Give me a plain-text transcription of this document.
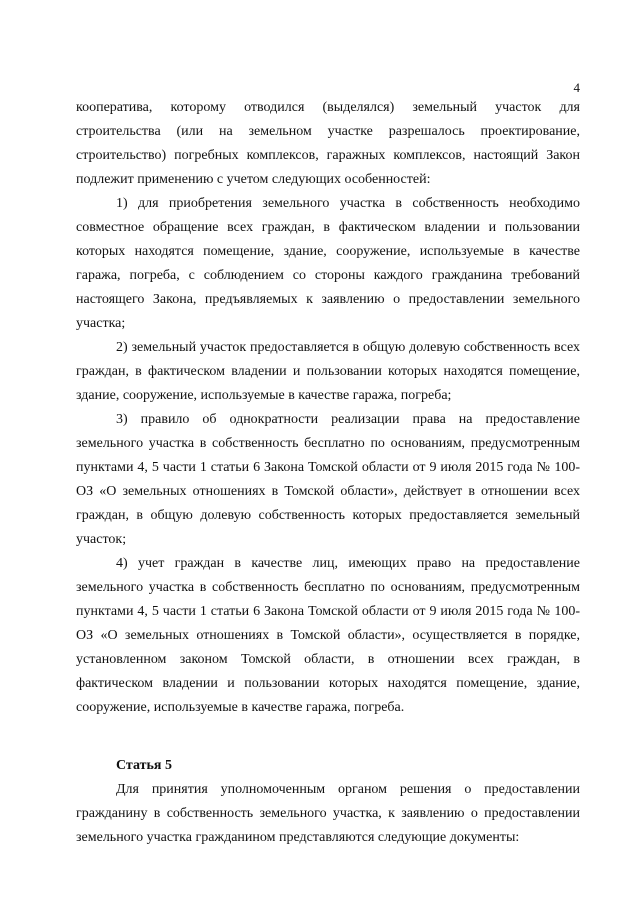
4

кооператива, которому отводился (выделялся) земельный участок для строительства (или на земельном участке разрешалось проектирование, строительство) погребных комплексов, гаражных комплексов, настоящий Закон подлежит применению с учетом следующих особенностей:

1) для приобретения земельного участка в собственность необходимо совместное обращение всех граждан, в фактическом владении и пользовании которых находятся помещение, здание, сооружение, используемые в качестве гаража, погреба, с соблюдением со стороны каждого гражданина требований настоящего Закона, предъявляемых к заявлению о предоставлении земельного участка;

2) земельный участок предоставляется в общую долевую собственность всех граждан, в фактическом владении и пользовании которых находятся помещение, здание, сооружение, используемые в качестве гаража, погреба;

3) правило об однократности реализации права на предоставление земельного участка в собственность бесплатно по основаниям, предусмотренным пунктами 4, 5 части 1 статьи 6 Закона Томской области от 9 июля 2015 года № 100-ОЗ «О земельных отношениях в Томской области», действует в отношении всех граждан, в общую долевую собственность которых предоставляется земельный участок;

4) учет граждан в качестве лиц, имеющих право на предоставление земельного участка в собственность бесплатно по основаниям, предусмотренным пунктами 4, 5 части 1 статьи 6 Закона Томской области от 9 июля 2015 года № 100-ОЗ «О земельных отношениях в Томской области», осуществляется в порядке, установленном законом Томской области, в отношении всех граждан, в фактическом владении и пользовании которых находятся помещение, здание, сооружение, используемые в качестве гаража, погреба.

Статья 5

Для принятия уполномоченным органом решения о предоставлении гражданину в собственность земельного участка, к заявлению о предоставлении земельного участка гражданином представляются следующие документы:
